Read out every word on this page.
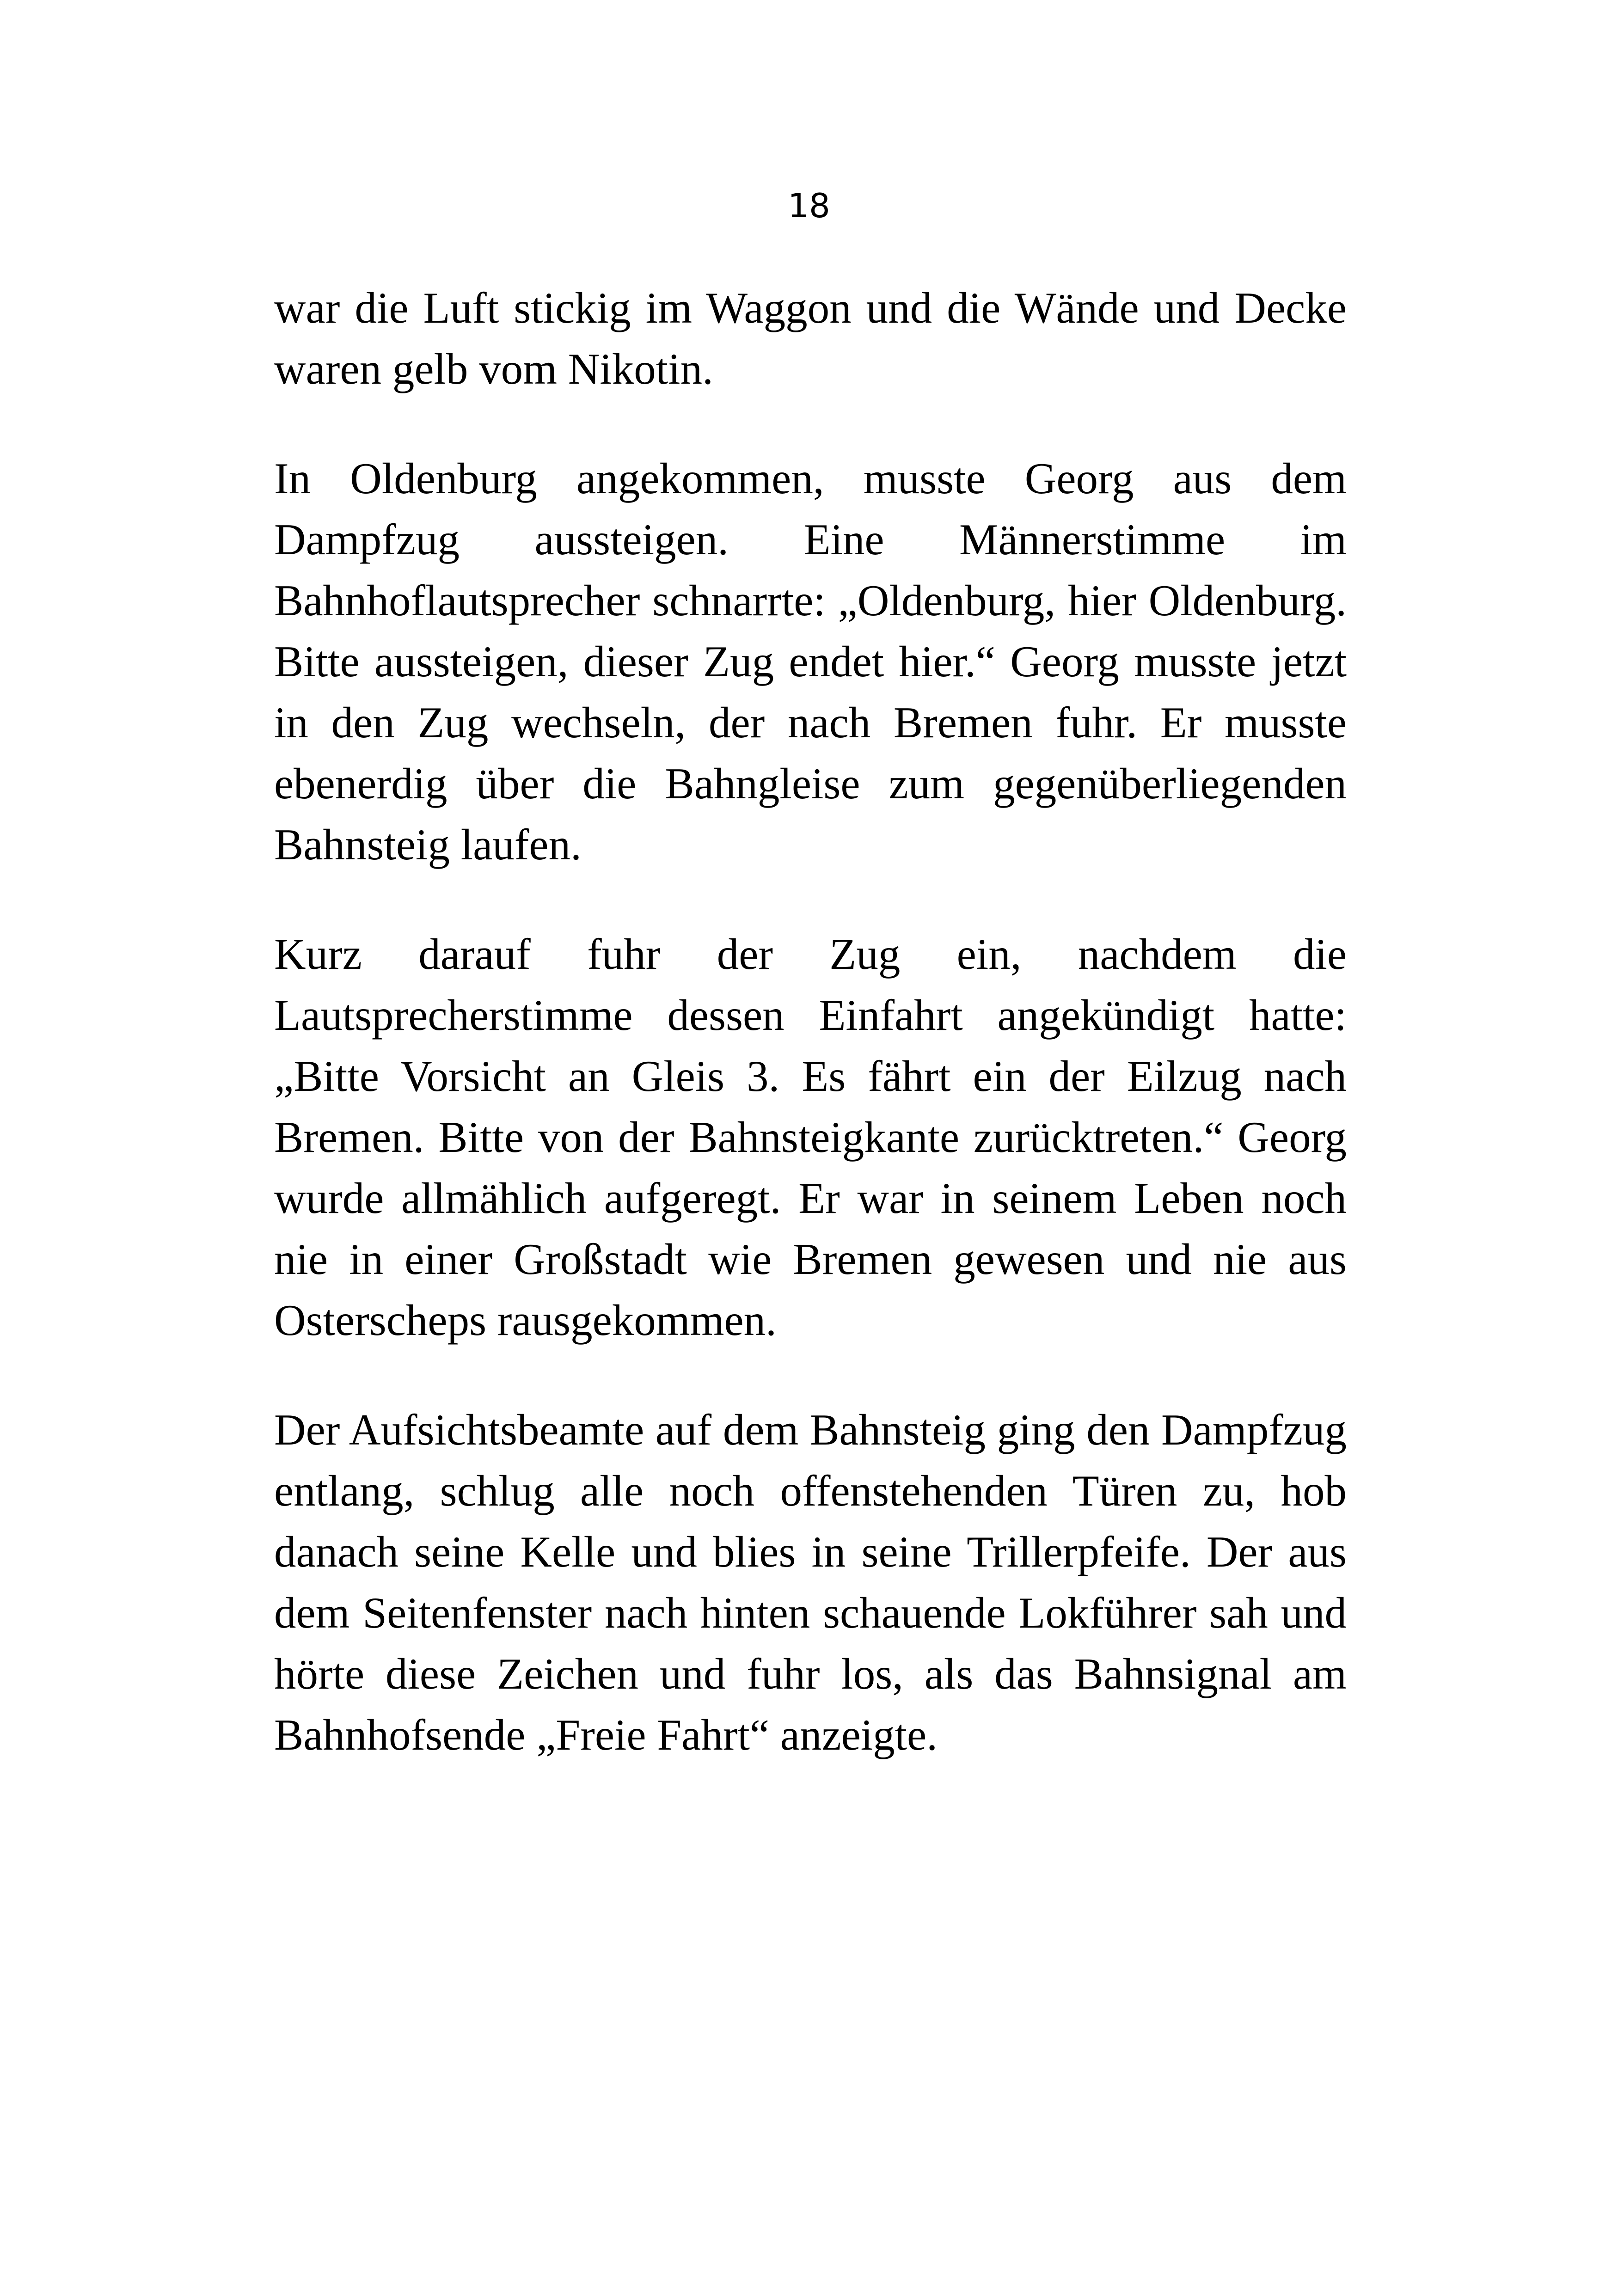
18

war die Luft stickig im Waggon und die Wände und Decke waren gelb vom Nikotin.

In Oldenburg angekommen, musste Georg aus dem Dampfzug aussteigen. Eine Männerstimme im Bahnhoflautsprecher schnarrte: „Oldenburg, hier Oldenburg. Bitte aussteigen, dieser Zug endet hier.“ Georg musste jetzt in den Zug wechseln, der nach Bremen fuhr. Er musste ebenerdig über die Bahngleise zum gegenüberliegenden Bahnsteig laufen.

Kurz darauf fuhr der Zug ein, nachdem die Lautsprecherstimme dessen Einfahrt angekündigt hatte: „Bitte Vorsicht an Gleis 3. Es fährt ein der Eilzug nach Bremen. Bitte von der Bahnsteigkante zurücktreten.“ Georg wurde allmählich aufgeregt. Er war in seinem Leben noch nie in einer Großstadt wie Bremen gewesen und nie aus Osterscheps rausgekommen.

Der Aufsichtsbeamte auf dem Bahnsteig ging den Dampfzug entlang, schlug alle noch offenstehenden Türen zu, hob danach seine Kelle und blies in seine Trillerpfeife. Der aus dem Seitenfenster nach hinten schauende Lokführer sah und hörte diese Zeichen und fuhr los, als das Bahnsignal am Bahnhofsende „Freie Fahrt“ anzeigte.
